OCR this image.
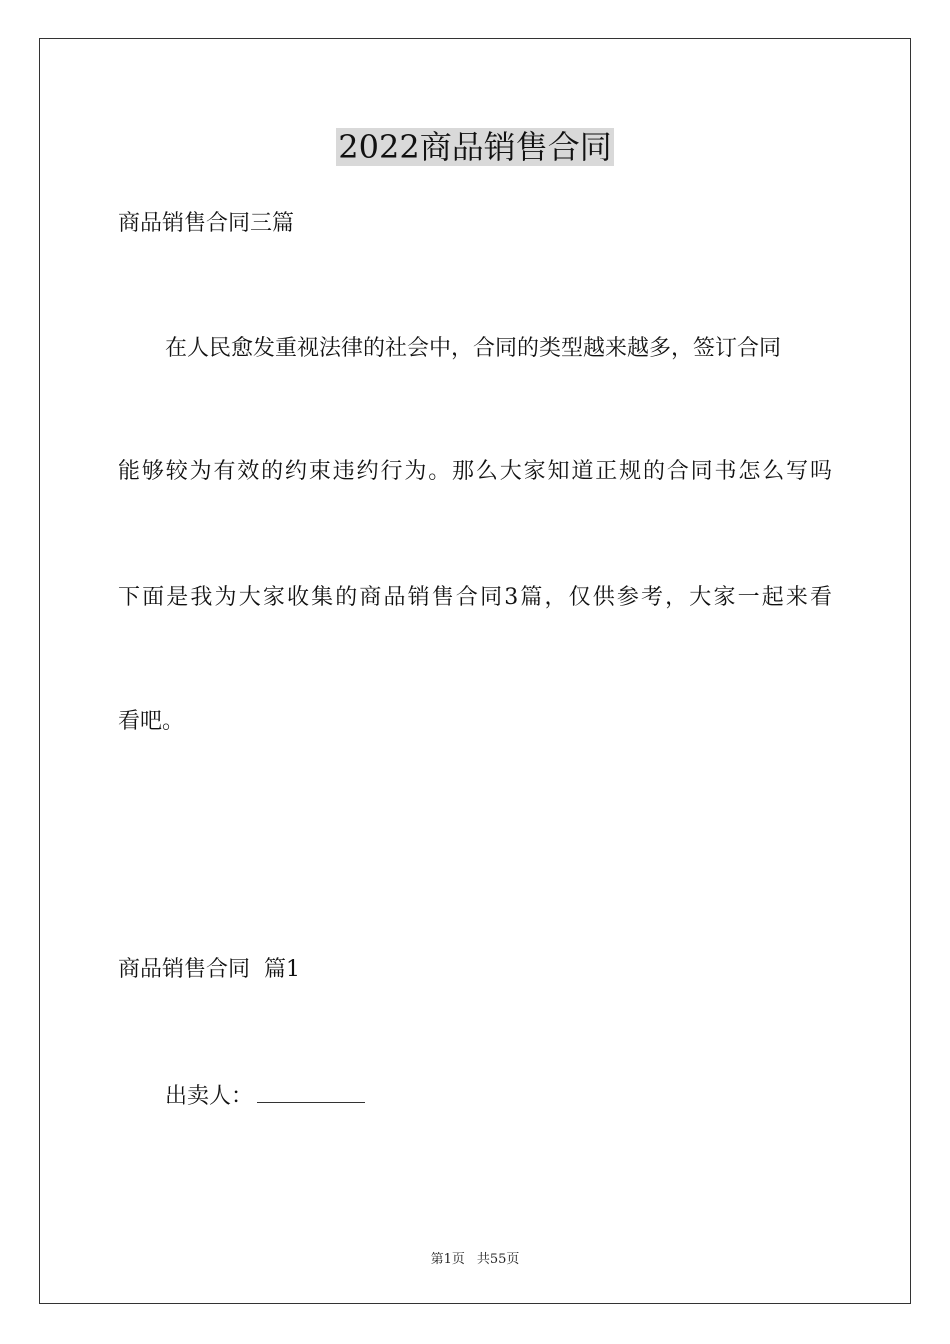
2022商品销售合同
商品销售合同三篇
在人民愈发重视法律的社会中，合同的类型越来越多，签订合同
能够较为有效的约束违约行为。那么大家知道正规的合同书怎么写吗
下面是我为大家收集的商品销售合同3篇，仅供参考，大家一起来看
看吧。
商品销售合同  篇1
出卖人：
第1页 共55页
